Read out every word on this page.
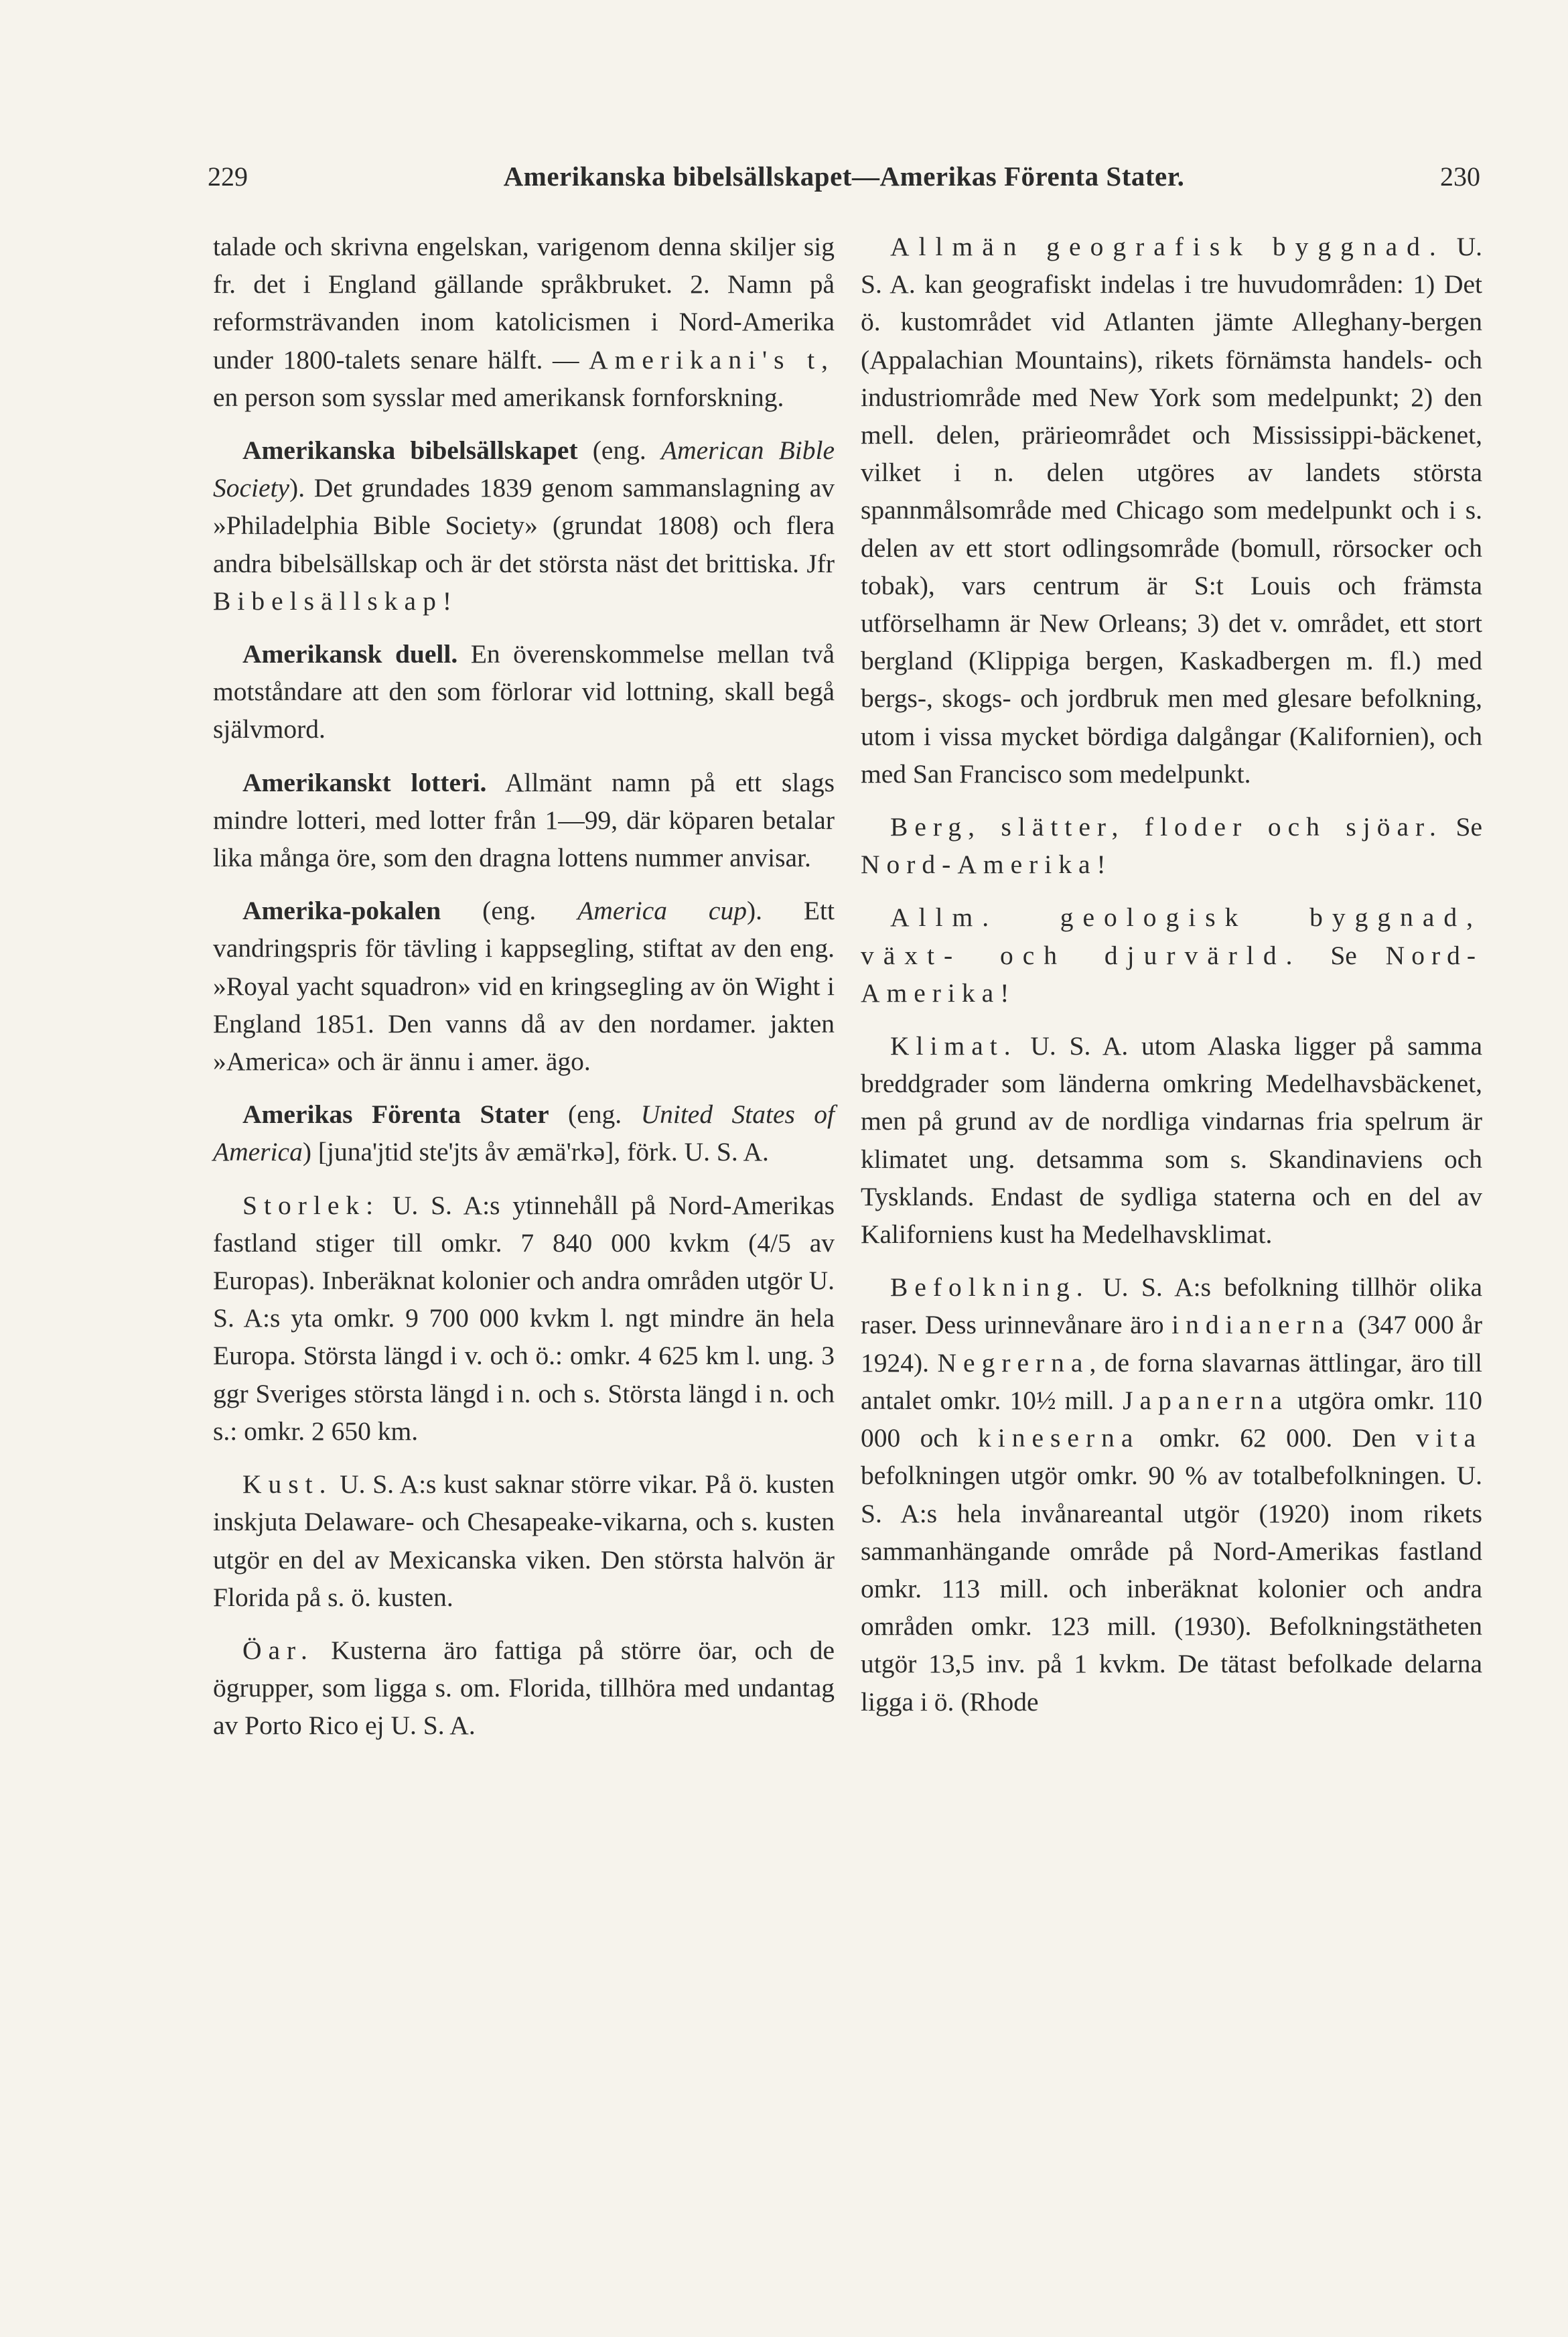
229	Amerikanska bibelsällskapet—Amerikas Förenta Stater.	230

talade och skrivna engelskan, varigenom denna skiljer sig fr. det i England gällande språkbruket. 2. Namn på reformsträvanden inom katolicismen i Nord-Amerika under 1800-talets senare hälft. — Amerikani's t, en person som sysslar med amerikansk fornforskning.

Amerikanska bibelsällskapet (eng. American Bible Society). Det grundades 1839 genom sammanslagning av »Philadelphia Bible Society» (grundat 1808) och flera andra bibelsällskap och är det största näst det brittiska. Jfr Bibelsällskap!

Amerikansk duell. En överenskommelse mellan två motståndare att den som förlorar vid lottning, skall begå självmord.

Amerikanskt lotteri. Allmänt namn på ett slags mindre lotteri, med lotter från 1—99, där köparen betalar lika många öre, som den dragna lottens nummer anvisar.

Amerika-pokalen (eng. America cup). Ett vandringspris för tävling i kappsegling, stiftat av den eng. »Royal yacht squadron» vid en kringsegling av ön Wight i England 1851. Den vanns då av den nordamer. jakten »America» och är ännu i amer. ägo.

Amerikas Förenta Stater (eng. United States of America) [juna'jtid ste'jts åv æmä'rkə], förk. U. S. A.

Storlek: U. S. A:s ytinnehåll på Nord-Amerikas fastland stiger till omkr. 7 840 000 kvkm (4/5 av Europas). Inberäknat kolonier och andra områden utgör U. S. A:s yta omkr. 9 700 000 kvkm l. ngt mindre än hela Europa. Största längd i v. och ö.: omkr. 4 625 km l. ung. 3 ggr Sveriges största längd i n. och s. Största längd i n. och s.: omkr. 2 650 km.

Kust. U. S. A:s kust saknar större vikar. På ö. kusten inskjuta Delaware- och Chesapeake-vikarna, och s. kusten utgör en del av Mexicanska viken. Den största halvön är Florida på s. ö. kusten.

Öar. Kusterna äro fattiga på större öar, och de ögrupper, som ligga s. om. Florida, tillhöra med undantag av Porto Rico ej U. S. A.

Allmän geografisk byggnad. U. S. A. kan geografiskt indelas i tre huvudområden: 1) Det ö. kustområdet vid Atlanten jämte Alleghany-bergen (Appalachian Mountains), rikets förnämsta handels- och industriområde med New York som medelpunkt; 2) den mell. delen, prärieområdet och Mississippi-bäckenet, vilket i n. delen utgöres av landets största spannmålsområde med Chicago som medelpunkt och i s. delen av ett stort odlingsområde (bomull, rörsocker och tobak), vars centrum är S:t Louis och främsta utförselhamn är New Orleans; 3) det v. området, ett stort bergland (Klippiga bergen, Kaskadbergen m. fl.) med bergs-, skogs- och jordbruk men med glesare befolkning, utom i vissa mycket bördiga dalgångar (Kalifornien), och med San Francisco som medelpunkt.

Berg, slätter, floder och sjöar. Se Nord-Amerika!

Allm. geologisk byggnad, växt- och djurvärld. Se Nord-Amerika!

Klimat. U. S. A. utom Alaska ligger på samma breddgrader som länderna omkring Medelhavsbäckenet, men på grund av de nordliga vindarnas fria spelrum är klimatet ung. detsamma som s. Skandinaviens och Tysklands. Endast de sydliga staterna och en del av Kaliforniens kust ha Medelhavsklimat.

Befolkning. U. S. A:s befolkning tillhör olika raser. Dess urinnevånare äro indianerna (347 000 år 1924). Negrerna, de forna slavarnas ättlingar, äro till antalet omkr. 10½ mill. Japanerna utgöra omkr. 110 000 och kineserna omkr. 62 000. Den vita befolkningen utgör omkr. 90 % av totalbefolkningen. U. S. A:s hela invånareantal utgör (1920) inom rikets sammanhängande område på Nord-Amerikas fastland omkr. 113 mill. och inberäknat kolonier och andra områden omkr. 123 mill. (1930). Befolkningstätheten utgör 13,5 inv. på 1 kvkm. De tätast befolkade delarna ligga i ö. (Rhode
